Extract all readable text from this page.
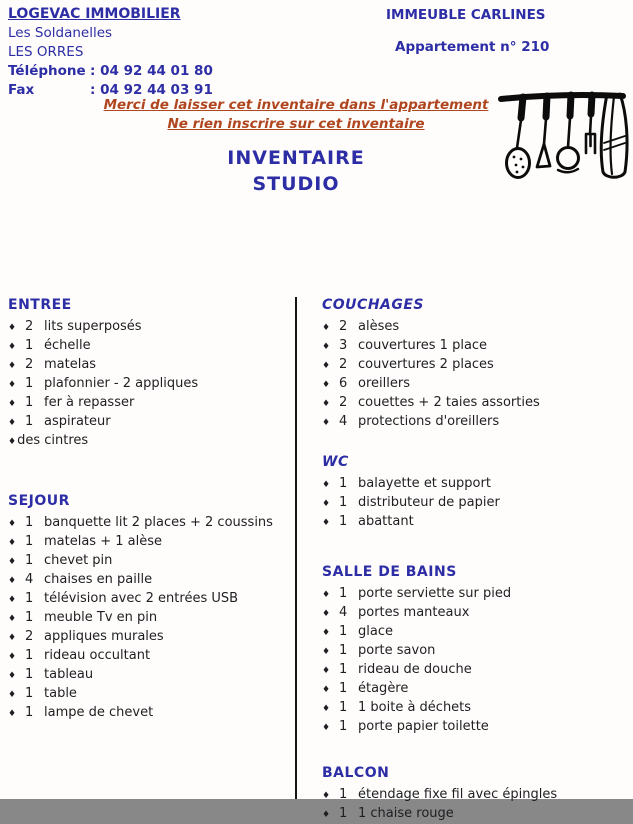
LOGEVAC IMMOBILIER
Les Soldanelles
LES ORRES
Téléphone : 04 92 44 01 80
Fax	: 04 92 44 03 91
IMMEUBLE CARLINES
Appartement n° 210
Merci de laisser cet inventaire dans l'appartement
Ne rien inscrire sur cet inventaire
INVENTAIRE
STUDIO
ENTREE
♦ 2 lits superposés
♦ 1 échelle
♦ 2 matelas
♦ 1 plafonnier - 2 appliques
♦ 1 fer à repasser
♦ 1 aspirateur
♦ des cintres
SEJOUR
♦ 1 banquette lit 2 places + 2 coussins
♦ 1 matelas + 1 alèse
♦ 1 chevet pin
♦ 4 chaises en paille
♦ 1 télévision avec 2 entrées USB
♦ 1 meuble Tv en pin
♦ 2 appliques murales
♦ 1 rideau occultant
♦ 1 tableau
♦ 1 table
♦ 1 lampe de chevet
COUCHAGES
♦ 2 alèses
♦ 3 couvertures 1 place
♦ 2 couvertures 2 places
♦ 6 oreillers
♦ 2 couettes + 2 taies assorties
♦ 4 protections d'oreillers
WC
♦ 1 balayette et support
♦ 1 distributeur de papier
♦ 1 abattant
SALLE DE BAINS
♦ 1 porte serviette sur pied
♦ 4 portes manteaux
♦ 1 glace
♦ 1 porte savon
♦ 1 rideau de douche
♦ 1 étagère
♦ 1 1 boite à déchets
♦ 1 porte papier toilette
BALCON
♦ 1 étendage fixe fil avec épingles
♦ 1 1 chaise rouge
